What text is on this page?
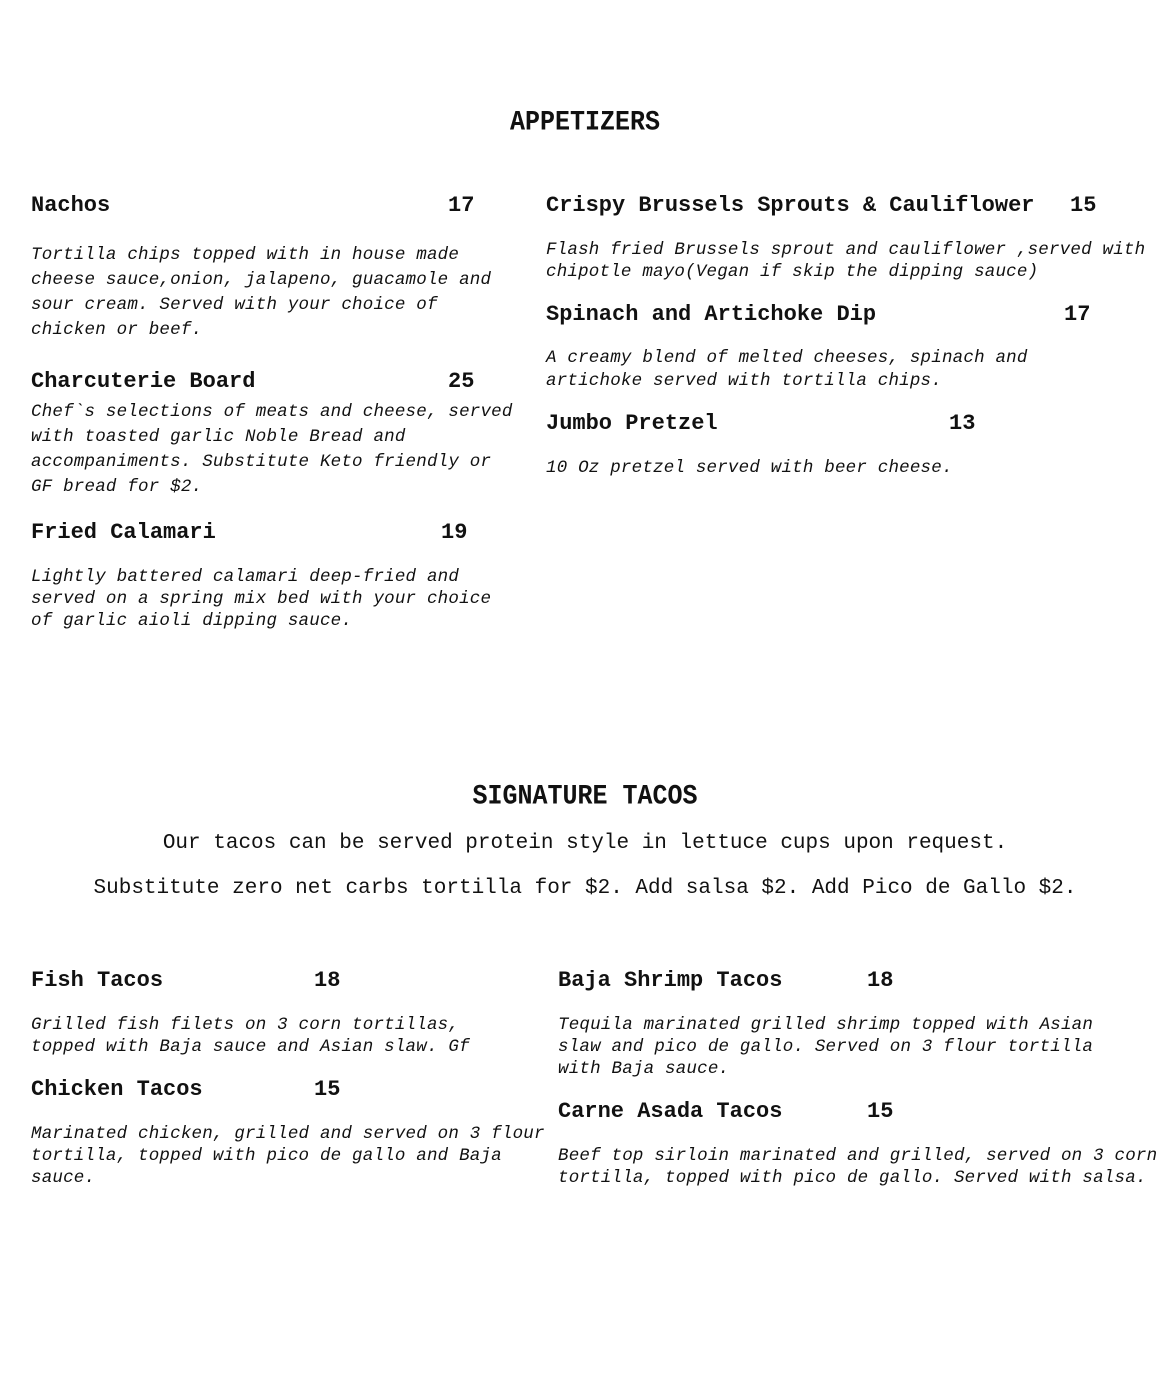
APPETIZERS
Nachos	17
Tortilla chips topped with in house made cheese sauce,onion, jalapeno, guacamole and sour cream. Served with your choice of chicken or beef.
Charcuterie Board	25
Chef`s selections of meats and cheese, served with toasted garlic Noble Bread and accompaniments. Substitute Keto friendly or GF bread for $2.
Fried Calamari	19
Lightly battered calamari deep-fried and served on a spring mix bed with your choice of garlic aioli dipping sauce.
Crispy Brussels Sprouts & Cauliflower 15
Flash fried Brussels sprout and cauliflower ,served with chipotle mayo(Vegan if skip the dipping sauce)
Spinach and Artichoke Dip	17
A creamy blend of melted cheeses, spinach and artichoke served with tortilla chips.
Jumbo Pretzel	13
10 Oz pretzel served with beer cheese.
SIGNATURE TACOS
Our tacos can be served protein style in lettuce cups upon request.
Substitute zero net carbs tortilla for $2. Add salsa $2. Add Pico de Gallo $2.
Fish Tacos	18
Grilled fish filets on 3 corn tortillas, topped with Baja sauce and Asian slaw. Gf
Chicken Tacos	15
Marinated chicken, grilled and served on 3 flour tortilla, topped with pico de gallo and Baja sauce.
Baja Shrimp Tacos	18
Tequila marinated grilled shrimp topped with Asian slaw and pico de gallo. Served on 3 flour tortilla with Baja sauce.
Carne Asada Tacos	15
Beef top sirloin marinated and grilled, served on 3 corn tortilla, topped with pico de gallo. Served with salsa.
